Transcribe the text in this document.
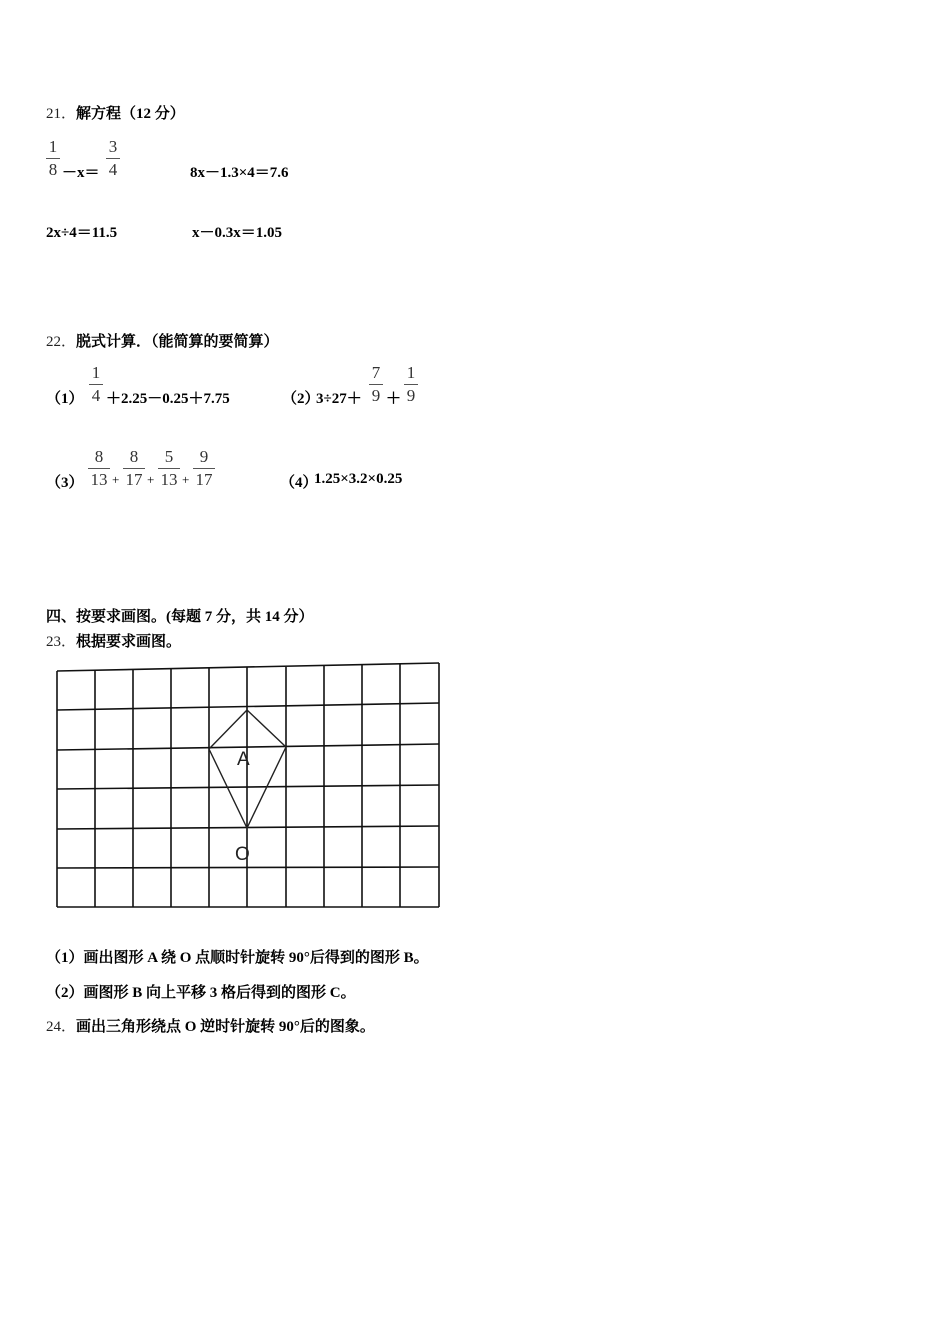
21．解方程（12 分）
1
8 －x＝
3
4	8x－1.3×4＝7.6
2x÷4＝11.5	x－0.3x＝1.05
22．脱式计算．（能简算的要简算）
（1）
1
4 ＋2.25－0.25＋7.75	（2）
3÷27＋
7
9 ＋
1
9
（3）
8
13 +
8
17 +
5
13 +
9
17	（4）
1.25×3.2×0.25
四、按要求画图。(每题 7 分，共 14 分）
23．根据要求画图。
A
O
（1）画出图形 A 绕 O 点顺时针旋转 90°后得到的图形 B。
（2）画图形 B 向上平移 3 格后得到的图形 C。
24．画出三角形绕点 O 逆时针旋转 90°后的图象。
